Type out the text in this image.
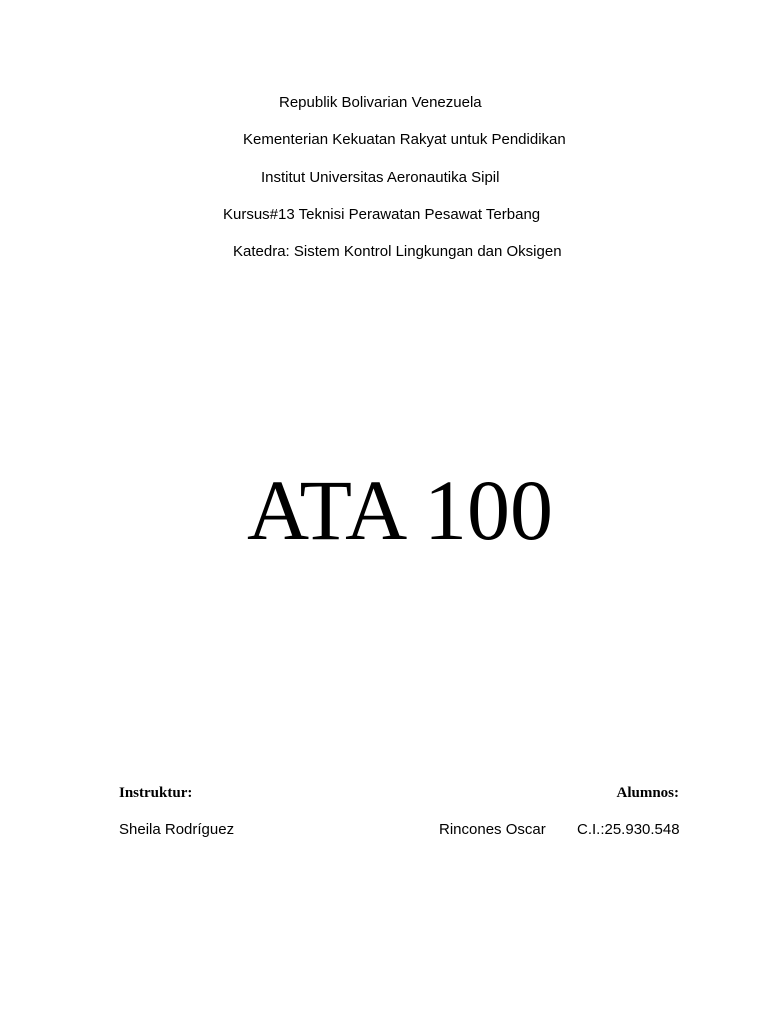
Republik Bolivarian Venezuela
Kementerian Kekuatan Rakyat untuk Pendidikan
Institut Universitas Aeronautika Sipil
Kursus#13 Teknisi Perawatan Pesawat Terbang
Katedra: Sistem Kontrol Lingkungan dan Oksigen
ATA 100
Instruktur:	Alumnos:
Sheila Rodríguez	Rincones Oscar C.I.:25.930.548
